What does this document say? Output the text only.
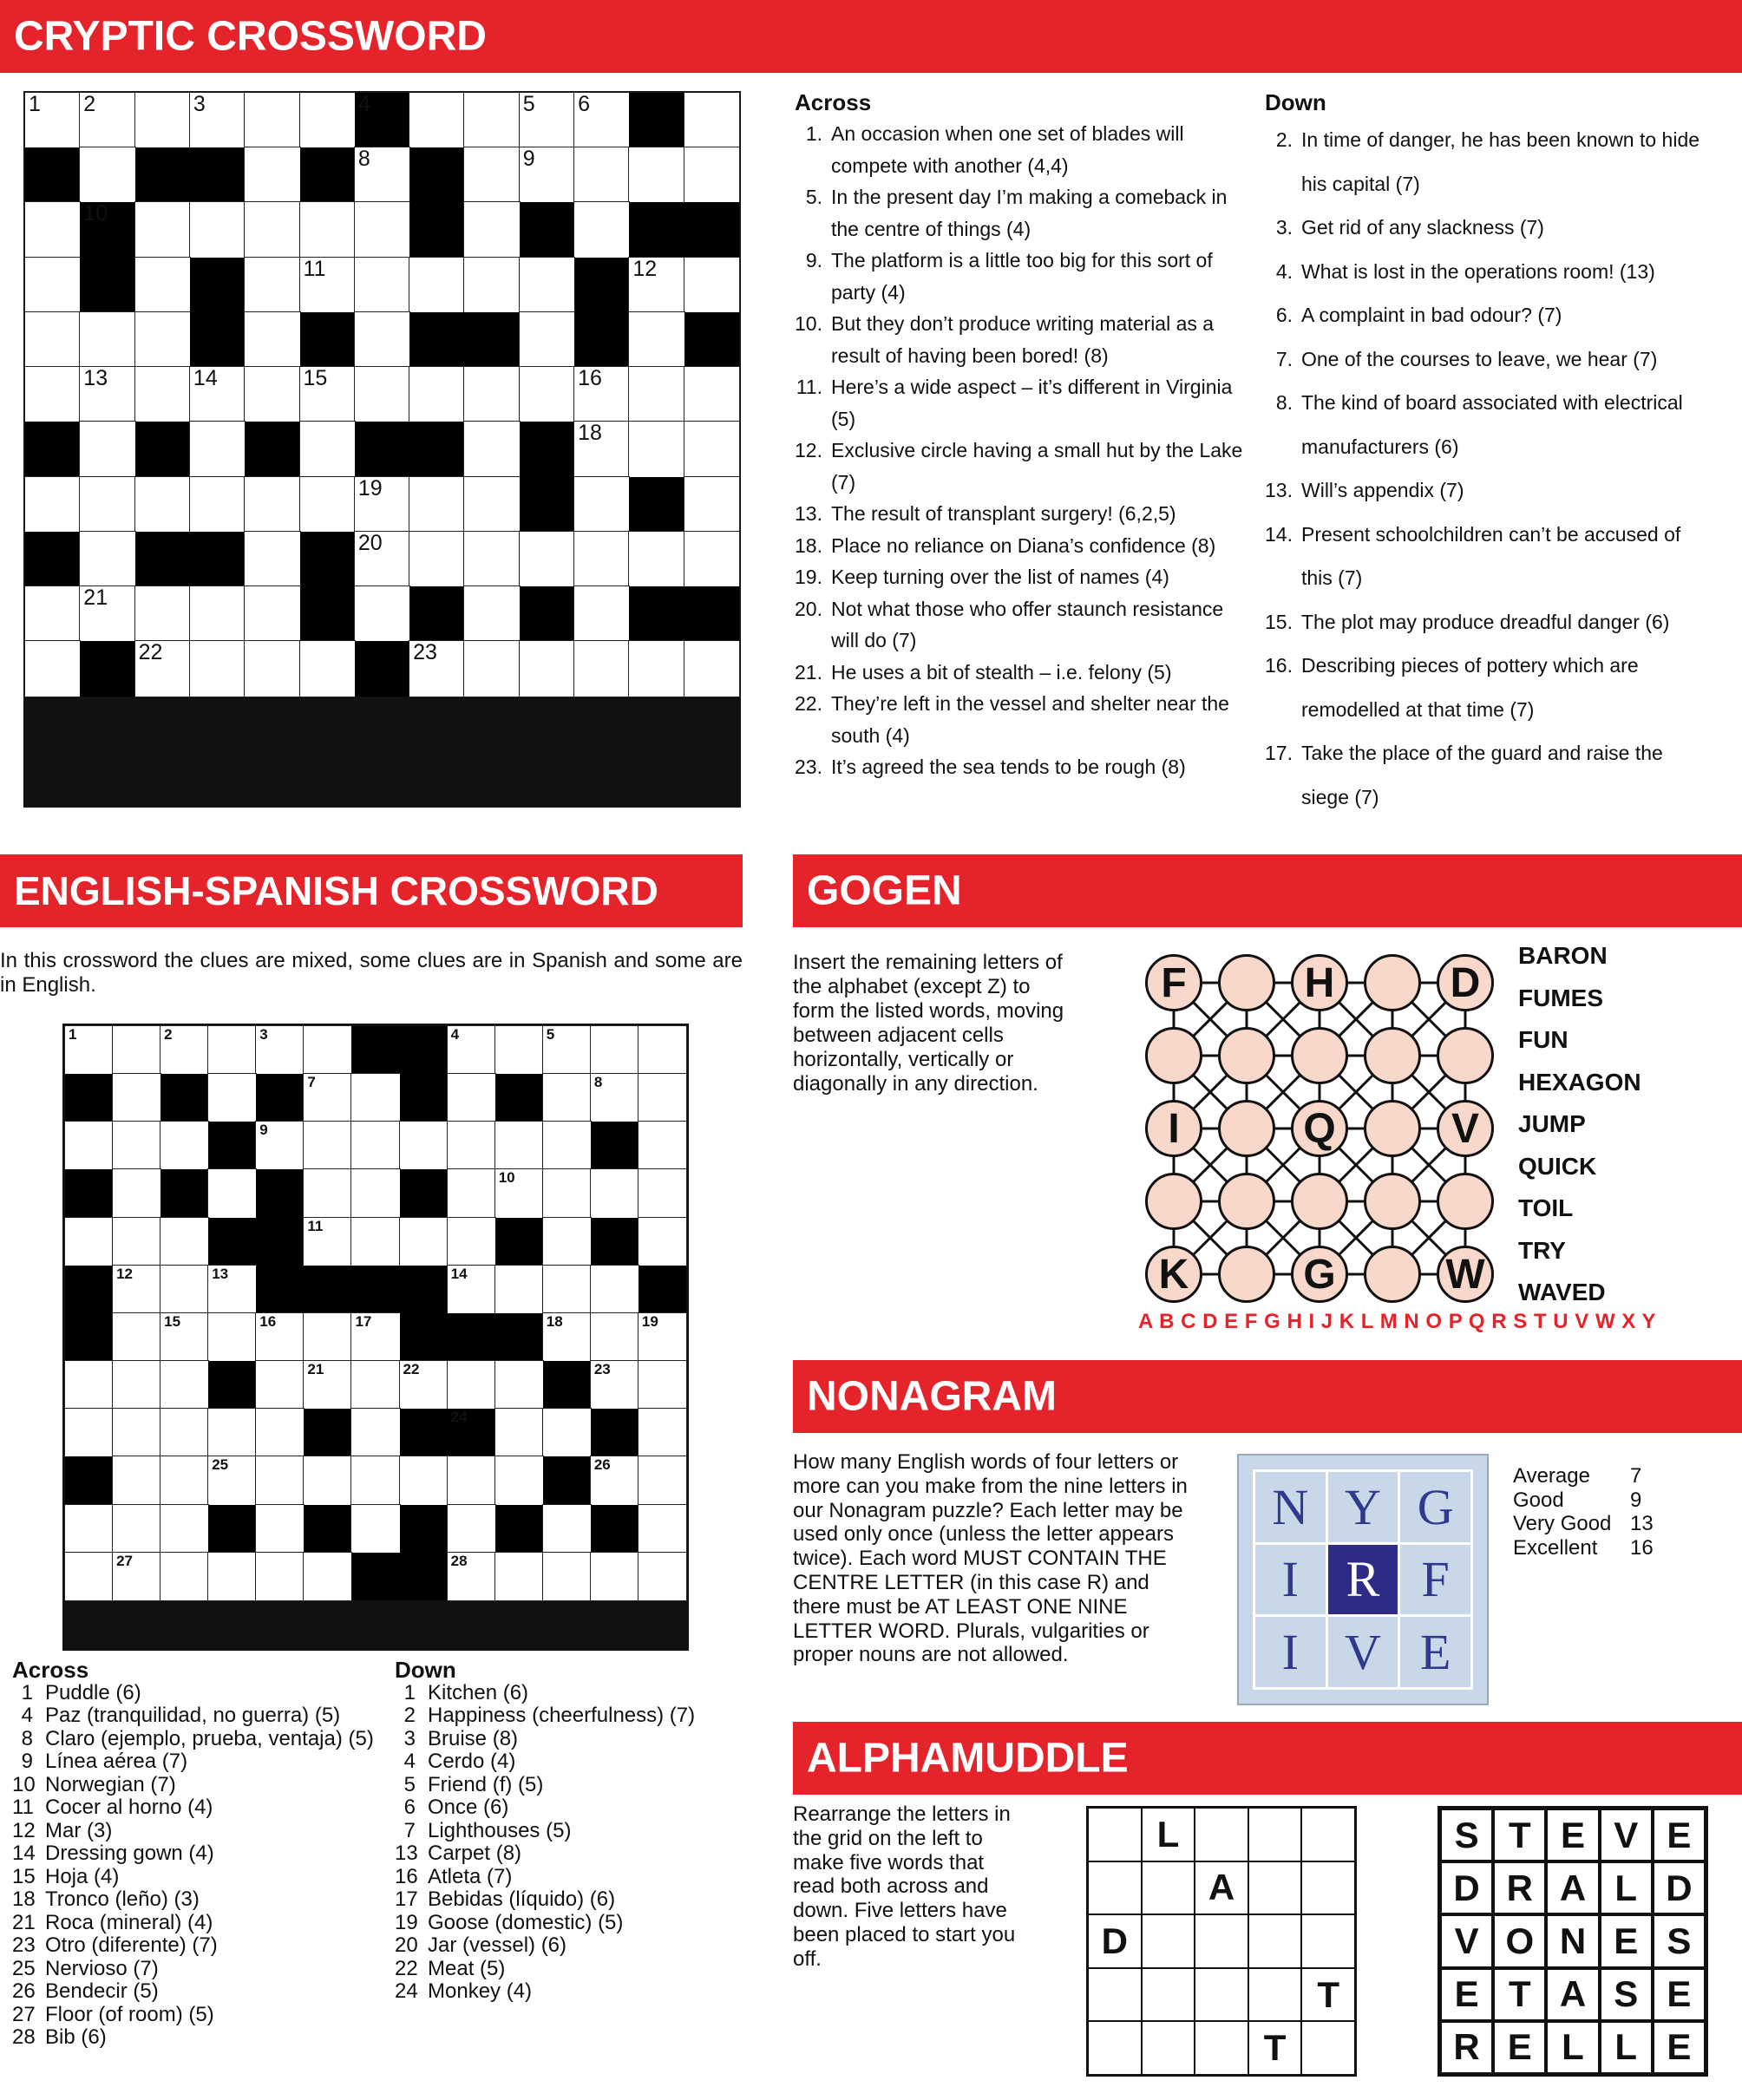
CRYPTIC CROSSWORD
1 2	3	4	5 6
8	9
10
11	12
13	14	15	16
18
19
20
21
22	23
Across
1. An occasion when one set of blades will compete with another (4,4)
5. In the present day I’m making a comeback in the centre of things (4)
9. The platform is a little too big for this sort of party (4)
10. But they don’t produce writing material as a result of having been bored! (8)
11. Here’s a wide aspect – it’s different in Virginia (5)
12. Exclusive circle having a small hut by the Lake (7)
13. The result of transplant surgery! (6,2,5)
18. Place no reliance on Diana’s confidence (8)
19. Keep turning over the list of names (4)
20. Not what those who offer staunch resistance will do (7)
21. He uses a bit of stealth – i.e. felony (5)
22. They’re left in the vessel and shelter near the south (4)
23. It’s agreed the sea tends to be rough (8)
Down
2. In time of danger, he has been known to hide his capital (7)
3. Get rid of any slackness (7)
4. What is lost in the operations room! (13)
6. A complaint in bad odour? (7)
7. One of the courses to leave, we hear (7)
8. The kind of board associated with electrical manufacturers (6)
13. Will’s appendix (7)
14. Present schoolchildren can’t be accused of this (7)
15. The plot may produce dreadful danger (6)
16. Describing pieces of pottery which are remodelled at that time (7)
17. Take the place of the guard and raise the siege (7)
ENGLISH-SPANISH CROSSWORD
In this crossword the clues are mixed, some clues are in Spanish and some are in English.
1	2	3	4	5
7	8
9
10
11
12	13	14
15	16	17	18	19
21	22	23
24
25	26
27	28
Across
1 Puddle (6)
4 Paz (tranquilidad, no guerra) (5)
8 Claro (ejemplo, prueba, ventaja) (5)
9 Línea aérea (7)
10 Norwegian (7)
11 Cocer al horno (4)
12 Mar (3)
14 Dressing gown (4)
15 Hoja (4)
18 Tronco (leño) (3)
21 Roca (mineral) (4)
23 Otro (diferente) (7)
25 Nervioso (7)
26 Bendecir (5)
27 Floor (of room) (5)
28 Bib (6)
Down
1 Kitchen (6)
2 Happiness (cheerfulness) (7)
3 Bruise (8)
4 Cerdo (4)
5 Friend (f) (5)
6 Once (6)
7 Lighthouses (5)
13 Carpet (8)
16 Atleta (7)
17 Bebidas (líquido) (6)
19 Goose (domestic) (5)
20 Jar (vessel) (6)
22 Meat (5)
24 Monkey (4)
GOGEN
Insert the remaining letters of the alphabet (except Z) to form the listed words, moving between adjacent cells horizontally, vertically or diagonally in any direction.
F	H	D
I	Q	V
K	G	W
BARON
FUMES
FUN
HEXAGON
JUMP
QUICK
TOIL
TRY
WAVED
A B C D E F G H I J K L M N O P Q R S T U V W X Y
NONAGRAM
How many English words of four letters or more can you make from the nine letters in our Nonagram puzzle? Each letter may be used only once (unless the letter appears twice). Each word MUST CONTAIN THE CENTRE LETTER (in this case R) and there must be AT LEAST ONE NINE LETTER WORD. Plurals, vulgarities or proper nouns are not allowed.
N Y G
I R F
I V E
Average 7
Good	9
Very Good 13
Excellent 16
ALPHAMUDDLE
Rearrange the letters in the grid on the left to make five words that read both across and down. Five letters have been placed to start you off.
L
A
D
T
T
S T E V E
D R A L D
V O N E S
E T A S E
R E L L E
